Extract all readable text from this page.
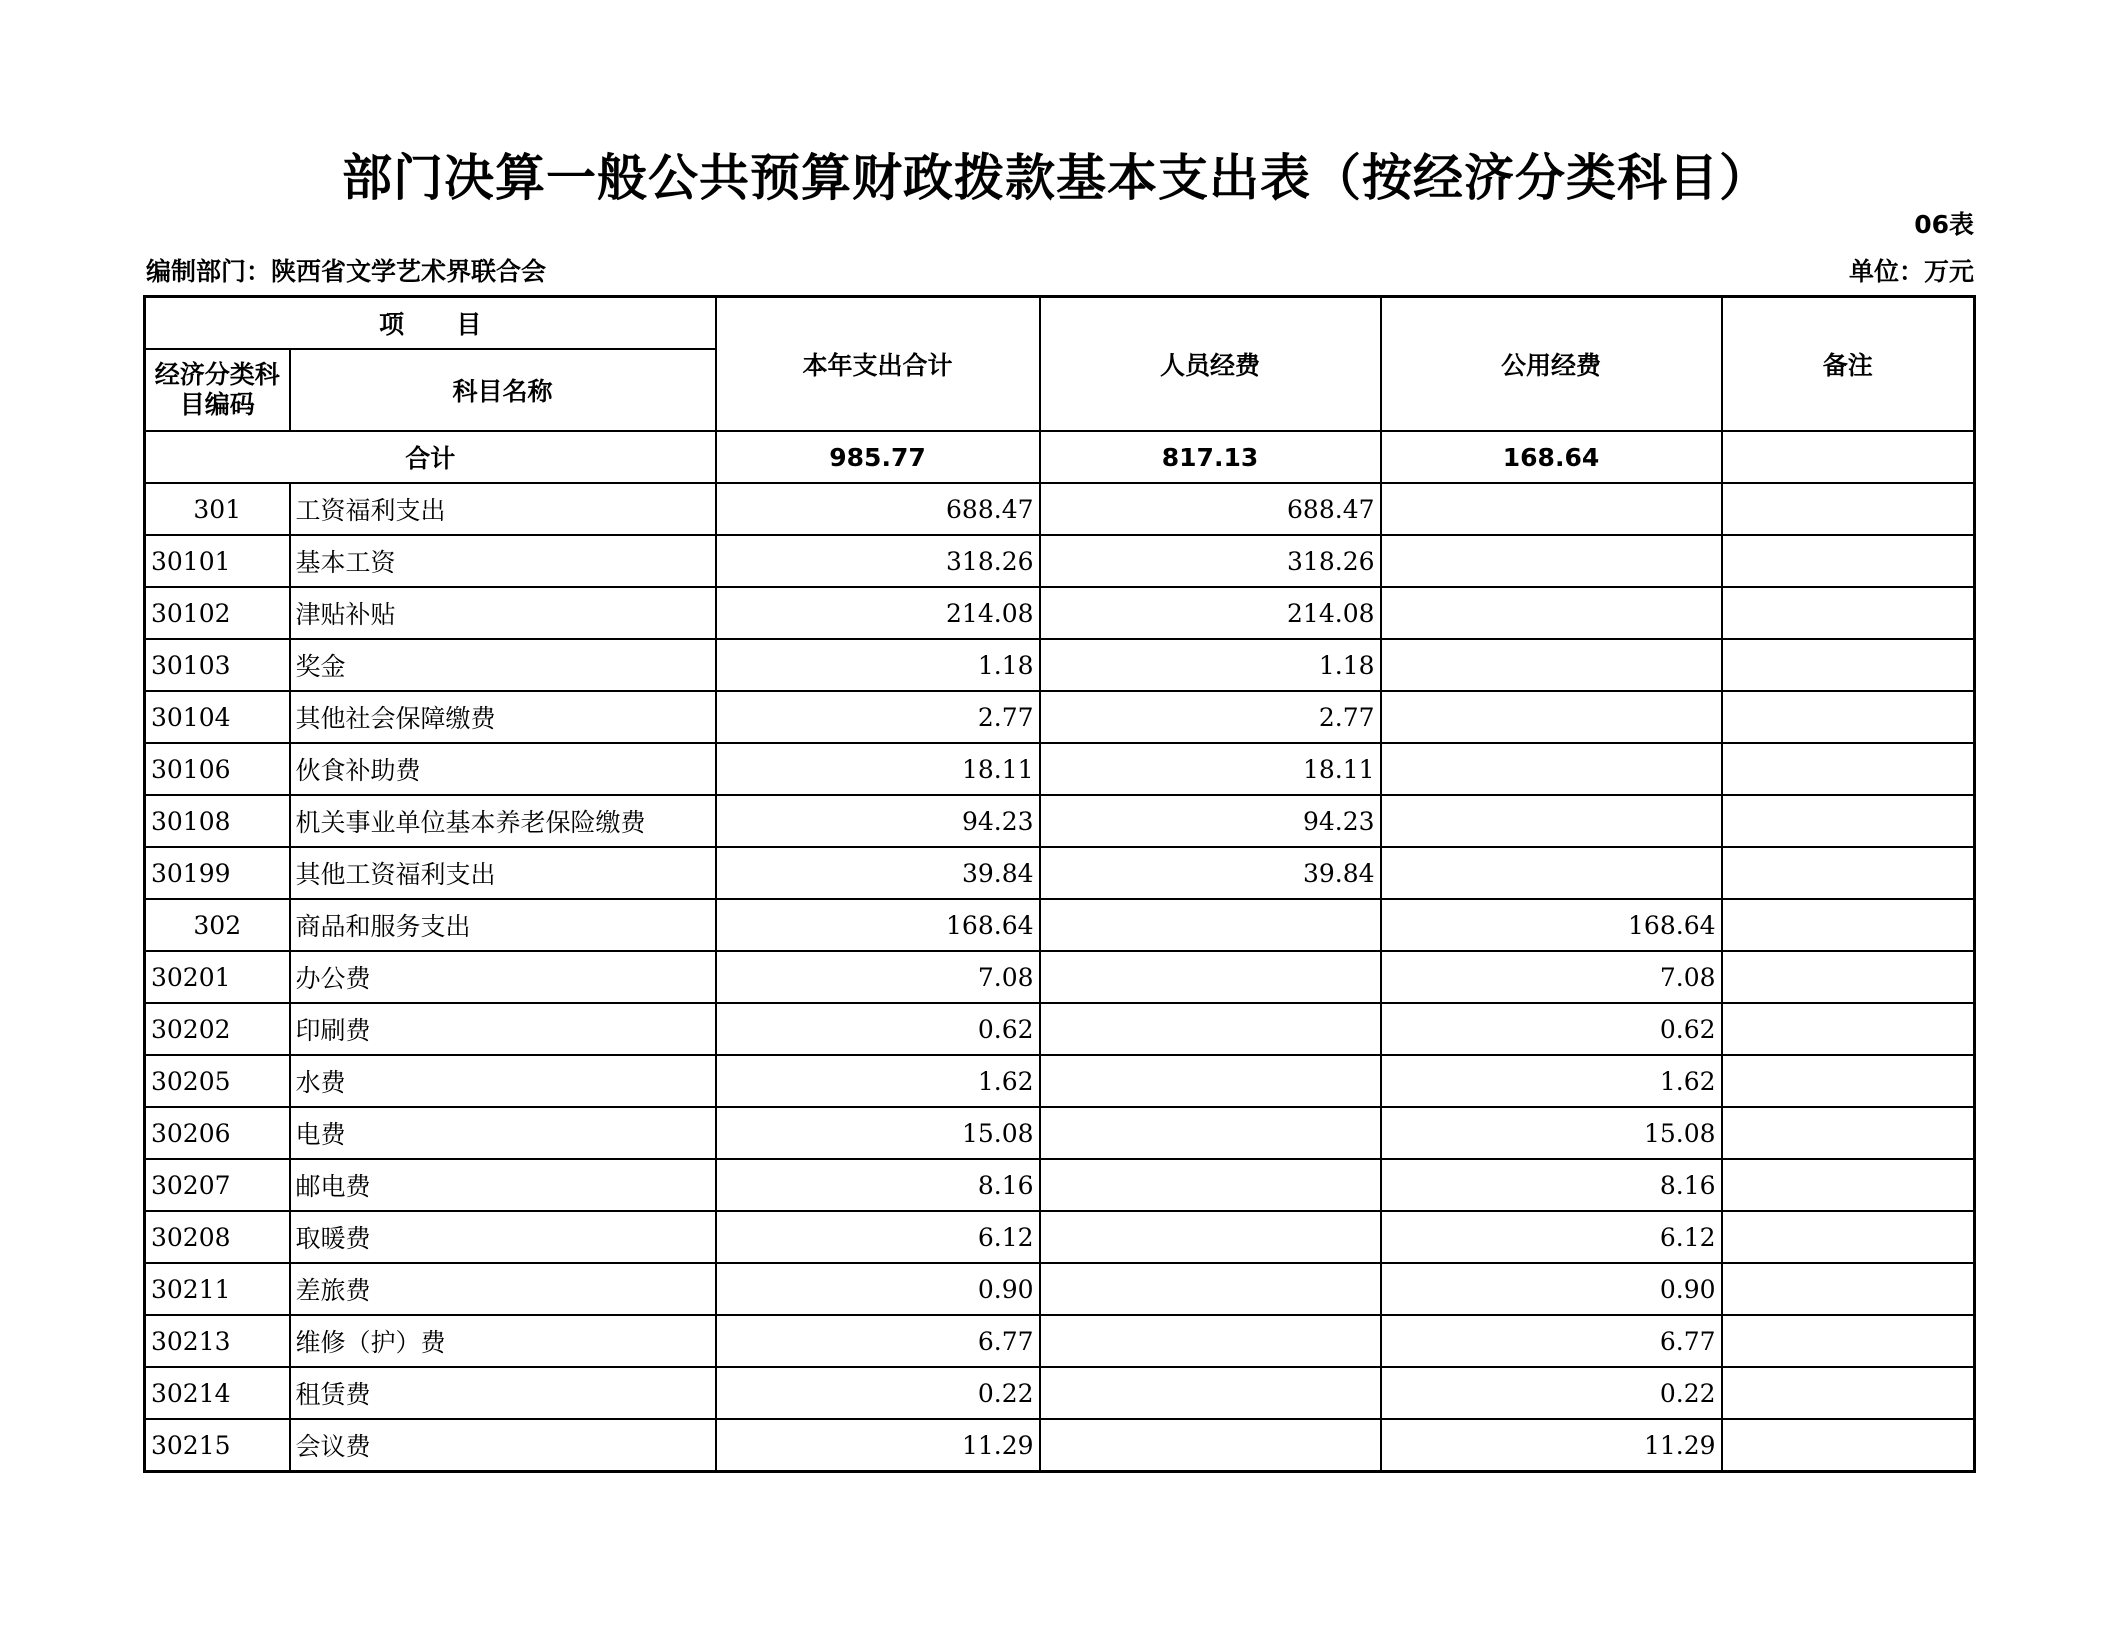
部门决算一般公共预算财政拨款基本支出表（按经济分类科目）
06表
编制部门：陕西省文学艺术界联合会	单位：万元
项      目		本年支出合计	人员经费	公用经费	备注
经济分类科目编码	科目名称				
合计		985.77	817.13	168.64	
301	工资福利支出	688.47	688.47		
30101	基本工资	318.26	318.26		
30102	津贴补贴	214.08	214.08		
30103	奖金	1.18	1.18		
30104	其他社会保障缴费	2.77	2.77		
30106	伙食补助费	18.11	18.11		
30108	机关事业单位基本养老保险缴费	94.23	94.23		
30199	其他工资福利支出	39.84	39.84		
302	商品和服务支出	168.64		168.64	
30201	办公费	7.08		7.08	
30202	印刷费	0.62		0.62	
30205	水费	1.62		1.62	
30206	电费	15.08		15.08	
30207	邮电费	8.16		8.16	
30208	取暖费	6.12		6.12	
30211	差旅费	0.90		0.90	
30213	维修（护）费	6.77		6.77	
30214	租赁费	0.22		0.22	
30215	会议费	11.29		11.29	
